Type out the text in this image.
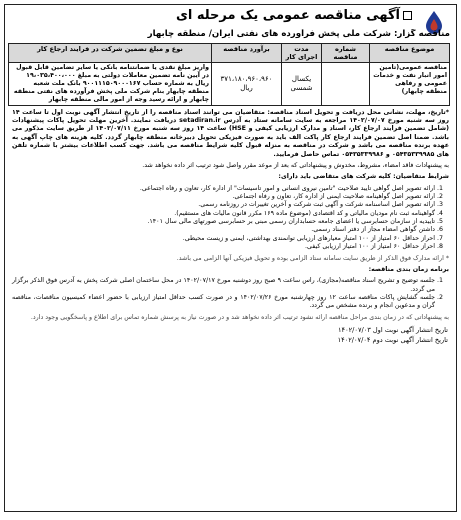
آگهی مناقصه عمومی یک مرحله ای
مناقصه گزار: شرکت ملی پخش فرآورده های نفتی ایران/ منطقه چابهار
موضوع مناقصه	شماره مناقصه	مدت اجرای کار	برآورد مناقصه	نوع و مبلغ تضمین شرکت در فرایند ارجاع کار
مناقصه عمومی(تامین امور انبار نفت و خدمات عمومی و رفاهی منطقه چابهار)		یکسال شمسی	۳۷۱،۱۸۰،۹۶۰،۹۶۰ ریال	واریز مبلغ نقدی یا ضمانتنامه بانکی یا سایر تضامین قابل قبول در آیین نامه تضمین معاملات دولتی به مبلغ ۱۹،۰۳۵،۴۰۰،۰۰۰ ریال به شماره حساب ۹۰۰۱۱۱۵۰۹۰۰۰۱۶۷ بانک ملت شعبه منطقه چابهار بنام شرکت ملی پخش فرآورده های نفتی منطقه چابهار و ارائه رسید وجه از امور مالی منطقه چابهار
*تاریخ، مهلت، نشانی محل دریافت و تحویل اسناد مناقصه: متقاضیان می توانند اسناد مناقصه را از تاریخ انتشار آگهی نوبت اول تا ساعت ۱۴ روز سه شنبه مورخ ۱۴۰۲/۰۷/۰۷ مراجعه به سایت سامانه ستاد به آدرس setadiran.ir دریافت نمایند. آخرین مهلت تحویل پاکات پیشنهادات (شامل تضمین فرایند ارجاع کار، اسناد و مدارک ارزیابی کیفی و HSE) ساعت ۱۴ روز سه شنبه مورخ ۱۴۰۲/۰۷/۱۱ از طریق سایت مذکور می باشد. ضمنا اصل تضمین فرایند ارجاع کار پاکت الف باید به صورت فیزیکی تحویل دبیرخانه منطقه چابهار گردد. کلیه هزینه های چاپ آگهی به عهده برنده مناقصه می باشد و شرکت در مناقصه به منزله قبول کلیه شرایط مناقصه می باشد. جهت کسب اطلاعات بیشتر با شماره تلفن های ۰۵۴۳۵۳۳۹۹۸۵ و ۰۵۴۳۵۳۳۹۹۸۶ تماس حاصل فرمایید.
به پیشنهادات فاقد امضاء، مشروط، مخدوش و پیشنهاداتی که بعد از موعد مقرر واصل شود ترتیب اثر داده نخواهد شد.
شرایط متقاضیان: کلیه شرکت های متقاضی باید دارای:
1. ارائه تصویر اصل گواهی تایید صلاحیت "تامین نیروی انسانی و امور تاسیسات" از اداره کار، تعاون و رفاه اجتماعی.
2. ارائه تصویر اصل گواهینامه صلاحیت ایمنی از اداره کار، تعاون و رفاه اجتماعی.
3. ارائه تصویر اصل اساسنامه شرکت و آگهی ثبت شرکت و آخرین تغییرات در روزنامه رسمی.
4. گواهینامه ثبت نام مودیان مالیاتی و کد اقتصادی (موضوع ماده ۱۶۹ مکرر قانون مالیات های مستقیم).
5. تاییدیه از سازمان حسابرسی یا اعضای جامعه حسابداران رسمی مبنی بر حسابرسی صورتهای مالی سال ۱۴۰۱.
6. داشتن گواهی امضاء مجاز از دفتر اسناد رسمی.
7. احراز حداقل ۶۰ امتیاز از ۱۰۰ امتیاز معیارهای ارزیابی توانمندی بهداشتی، ایمنی و زیست محیطی.
8. احراز حداقل ۶۰ امتیاز از ۱۰۰ امتیاز ارزیابی کیفی.
* ارائه مدارک فوق الذکر از طریق سایت سامانه ستاد الزامی بوده و تحویل فیزیکی آنها الزامی می باشد.
برنامه زمان بندی مناقصه:
1. جلسه توضیح و تشریح اسناد مناقصه(مجازی)، راس ساعت ۹ صبح روز دوشنبه مورخ ۱۴۰۲/۰۷/۱۷ در محل ساختمان اصلی شرکت پخش به آدرس فوق الذکر برگزار می گردد.
2. جلسه گشایش پاکات مناقصه ساعت ۱۲ روز چهارشنبه مورخ ۱۴۰۲/۰۷/۲۶ و در صورت کسب حداقل امتیاز ارزیابی با حضور اعضاء کمیسیون مناقصات، مناقصه گران و مدعوین انجام و برنده مشخص می گردد.
به پیشنهاداتی که در زمان بندی مراحل مناقصه ارائه نشود ترتیب اثر داده نخواهد شد و در صورت نیاز به پرسش شماره تماس برای اطلاع و پاسخگویی وجود دارد.
تاریخ انتشار آگهی نوبت اول ۱۴۰۲/۰۷/۰۳
تاریخ انتشار آگهی نوبت دوم ۱۴۰۲/۰۷/۰۴
